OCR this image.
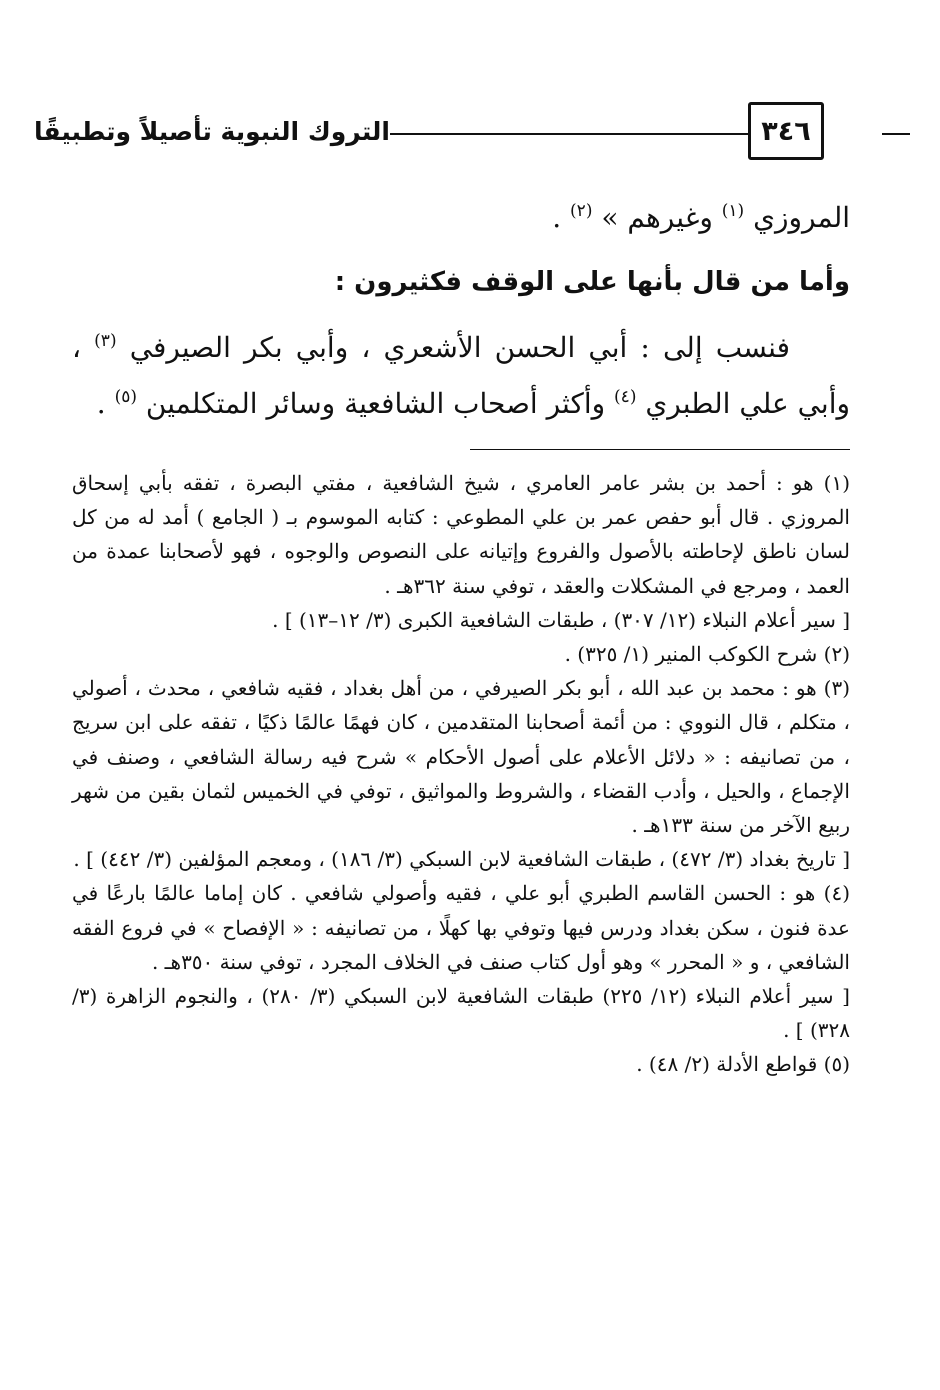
التروك النبوية تأصيلاً وتطبيقًا	٣٤٦

المروزي $^{(١)}$ وغيرهم » $^{(٢)}$ .

وأما من قال بأنها على الوقف فكثيرون :

فنسب إلى : أبي الحسن الأشعري ، وأبي بكر الصيرفي $^{(٣)}$ ، وأبي علي الطبري $^{(٤)}$ وأكثر أصحاب الشافعية وسائر المتكلمين $^{(٥)}$ .

(١) هو : أحمد بن بشر عامر العامري ، شيخ الشافعية ، مفتي البصرة ، تفقه بأبي إسحاق المروزي . قال أبو حفص عمر بن علي المطوعي : كتابه الموسوم بـ ( الجامع ) أمد له من كل لسان ناطق لإحاطته بالأصول والفروع وإتيانه على النصوص والوجوه ، فهو لأصحابنا عمدة من العمد ، ومرجع في المشكلات والعقد ، توفي سنة ٣٦٢هـ .

[ سير أعلام النبلاء (١٢/ ٣٠٧) ، طبقات الشافعية الكبرى (٣/ ١٢–١٣) ] .

(٢) شرح الكوكب المنير (١/ ٣٢٥) .

(٣) هو : محمد بن عبد الله ، أبو بكر الصيرفي ، من أهل بغداد ، فقيه شافعي ، محدث ، أصولي ، متكلم ، قال النووي : من أئمة أصحابنا المتقدمين ، كان فهمًا عالمًا ذكيًا ، تفقه على ابن سريج ، من تصانيفه : « دلائل الأعلام على أصول الأحكام » شرح فيه رسالة الشافعي ، وصنف في الإجماع ، والحيل ، وأدب القضاء ، والشروط والمواثيق ، توفي في الخميس لثمان بقين من شهر ربيع الآخر من سنة ١٣٣هـ .

[ تاريخ بغداد (٣/ ٤٧٢) ، طبقات الشافعية لابن السبكي (٣/ ١٨٦) ، ومعجم المؤلفين (٣/ ٤٤٢) ] .

(٤) هو : الحسن القاسم الطبري أبو علي ، فقيه وأصولي شافعي . كان إماما عالمًا بارعًا في عدة فنون ، سكن بغداد ودرس فيها وتوفي بها كهلًا ، من تصانيفه : « الإفصاح » في فروع الفقه الشافعي ، و « المحرر » وهو أول كتاب صنف في الخلاف المجرد ، توفي سنة ٣٥٠هـ .

[ سير أعلام النبلاء (١٢/ ٢٢٥) طبقات الشافعية لابن السبكي (٣/ ٢٨٠) ، والنجوم الزاهرة (٣/ ٣٢٨) ] .

(٥) قواطع الأدلة (٢/ ٤٨) .
